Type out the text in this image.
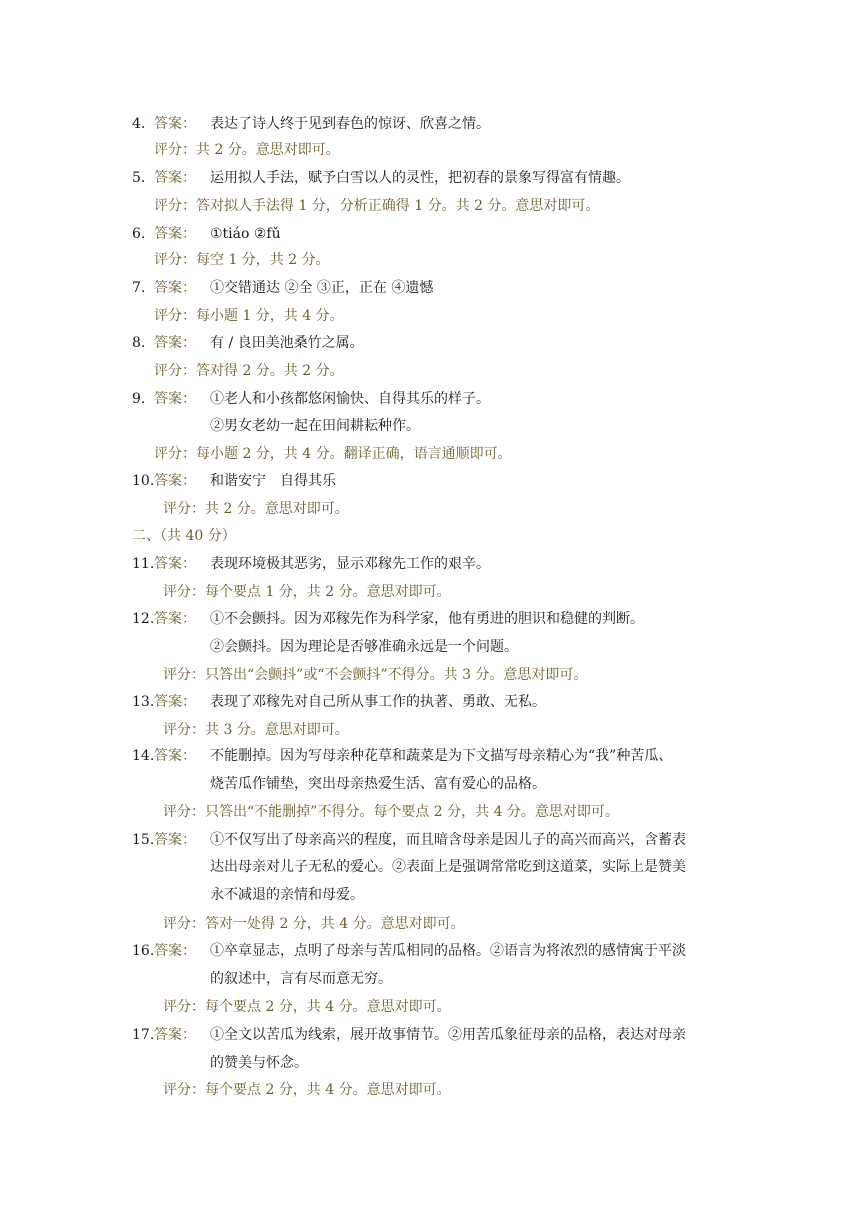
4. 答案： 表达了诗人终于见到春色的惊讶、欣喜之情。
评分：共 2 分。意思对即可。
5. 答案： 运用拟人手法，赋予白雪以人的灵性，把初春的景象写得富有情趣。
评分：答对拟人手法得 1 分，分析正确得 1 分。共 2 分。意思对即可。
6. 答案： ①tiáo ②fǔ
评分：每空 1 分，共 2 分。
7. 答案： ①交错通达 ②全 ③正，正在 ④遗憾
评分：每小题 1 分，共 4 分。
8. 答案： 有 / 良田美池桑竹之属。
评分：答对得 2 分。共 2 分。
9. 答案： ①老人和小孩都悠闲愉快、自得其乐的样子。
②男女老幼一起在田间耕耘种作。
评分：每小题 2 分，共 4 分。翻译正确，语言通顺即可。
10. 答案： 和谐安宁　自得其乐
评分：共 2 分。意思对即可。
二、（共 40 分）
11. 答案： 表现环境极其恶劣，显示邓稼先工作的艰辛。
评分：每个要点 1 分，共 2 分。意思对即可。
12. 答案： ①不会颤抖。因为邓稼先作为科学家，他有勇进的胆识和稳健的判断。
②会颤抖。因为理论是否够准确永远是一个问题。
评分：只答出“会颤抖”或“不会颤抖”不得分。共 3 分。意思对即可。
13. 答案： 表现了邓稼先对自己所从事工作的执著、勇敢、无私。
评分：共 3 分。意思对即可。
14. 答案： 不能删掉。因为写母亲种花草和蔬菜是为下文描写母亲精心为“我”种苦瓜、
烧苦瓜作铺垫，突出母亲热爱生活、富有爱心的品格。
评分：只答出“不能删掉”不得分。每个要点 2 分，共 4 分。意思对即可。
15. 答案： ①不仅写出了母亲高兴的程度，而且暗含母亲是因儿子的高兴而高兴，含蓄表
达出母亲对儿子无私的爱心。②表面上是强调常常吃到这道菜，实际上是赞美
永不减退的亲情和母爱。
评分：答对一处得 2 分，共 4 分。意思对即可。
16. 答案： ①卒章显志，点明了母亲与苦瓜相同的品格。②语言为将浓烈的感情寓于平淡
的叙述中，言有尽而意无穷。
评分：每个要点 2 分，共 4 分。意思对即可。
17. 答案： ①全文以苦瓜为线索，展开故事情节。②用苦瓜象征母亲的品格，表达对母亲
的赞美与怀念。
评分：每个要点 2 分，共 4 分。意思对即可。
